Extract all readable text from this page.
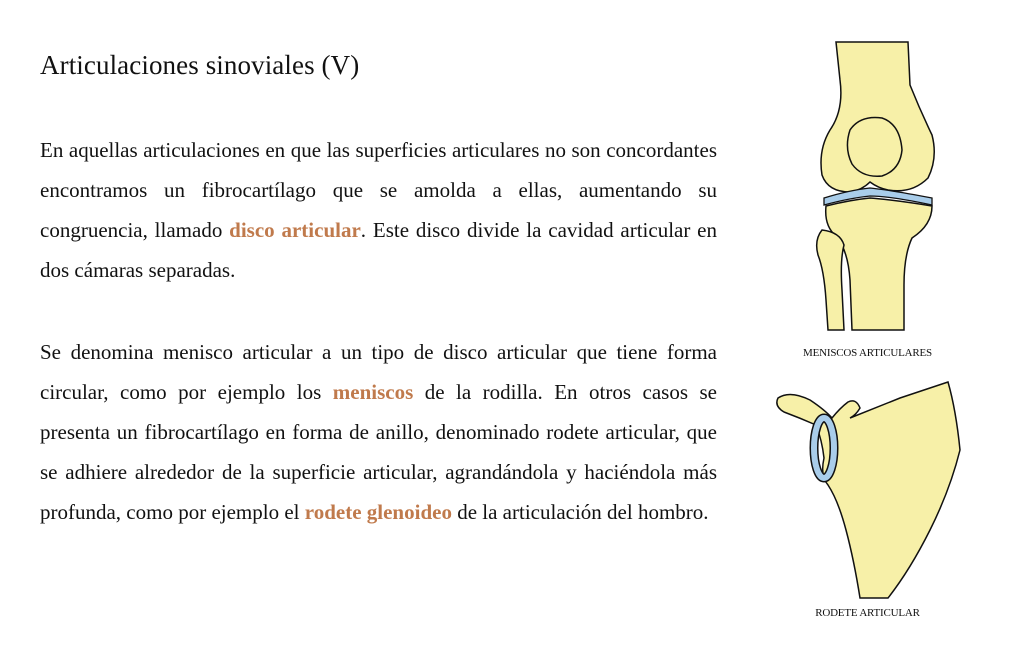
Articulaciones sinoviales (V)

En aquellas articulaciones en que las superficies articulares no son concordantes encontramos un fibrocartílago que se amolda a ellas, aumentando su congruencia, llamado disco articular. Este disco divide la cavidad articular en dos cámaras separadas.

Se denomina menisco articular a un tipo de disco articular que tiene forma circular, como por ejemplo los meniscos de la rodilla. En otros casos se presenta un fibrocartílago en forma de anillo, denominado rodete articular, que se adhiere alrededor de la superficie articular, agrandándola y haciéndola más profunda, como por ejemplo el rodete glenoideo de la articulación del hombro.

MENISCOS ARTICULARES
RODETE ARTICULAR
